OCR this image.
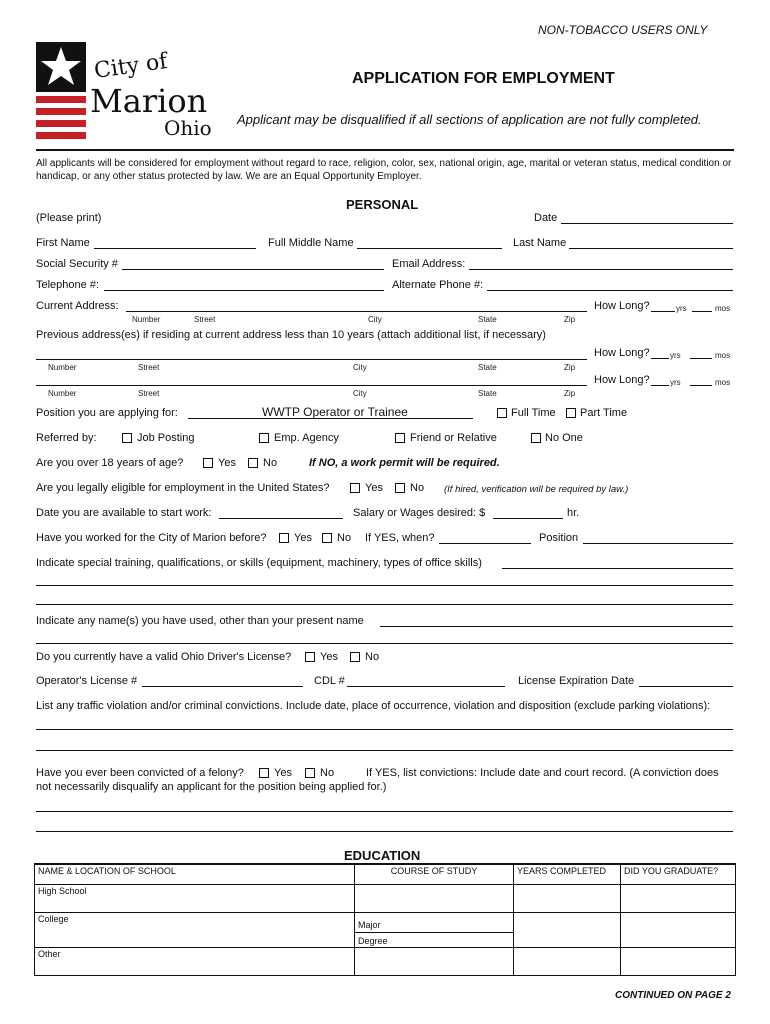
NON-TOBACCO USERS ONLY
City of
Marion
Ohio
APPLICATION FOR EMPLOYMENT
Applicant may be disqualified if all sections of application are not fully completed.
All applicants will be considered for employment without regard to race, religion, color, sex, national origin, age, marital or veteran status, medical condition or handicap, or any other status protected by law. We are an Equal Opportunity Employer.
PERSONAL
(Please print)	Date
First Name	Full Middle Name	Last Name
Social Security #	Email Address:
Telephone #:	Alternate Phone #:
Current Address:	How Long?	yrs	mos
Number	Street	City	State	Zip
Previous address(es) if residing at current address less than 10 years (attach additional list, if necessary)
How Long?	yrs	mos
Number	Street	City	State	Zip
How Long?	yrs	mos
Number	Street	City	State	Zip
Position you are applying for:	WWTP Operator or Trainee	Full Time Part Time
Referred by:	Job Posting	Emp. Agency	Friend or Relative	No One
Are you over 18 years of age?	Yes No	If NO, a work permit will be required.
Are you legally eligible for employment in the United States?	Yes No (If hired, verification will be required by law.)
Date you are available to start work:	Salary or Wages desired: $	hr.
Have you worked for the City of Marion before? Yes No If YES, when?	Position
Indicate special training, qualifications, or skills (equipment, machinery, types of office skills)
Indicate any name(s) you have used, other than your present name
Do you currently have a valid Ohio Driver's License?	Yes No
Operator's License #	CDL #	License Expiration Date
List any traffic violation and/or criminal convictions. Include date, place of occurrence, violation and disposition (exclude parking violations):
Have you ever been convicted of a felony?	Yes	No	If YES, list convictions: Include date and court record. (A conviction does
not necessarily disqualify an applicant for the position being applied for.)
EDUCATION
NAME & LOCATION OF SCHOOL	COURSE OF STUDY	YEARS COMPLETED	DID YOU GRADUATE?
High School			
College	Major
Degree		

Other			
CONTINUED ON PAGE 2
